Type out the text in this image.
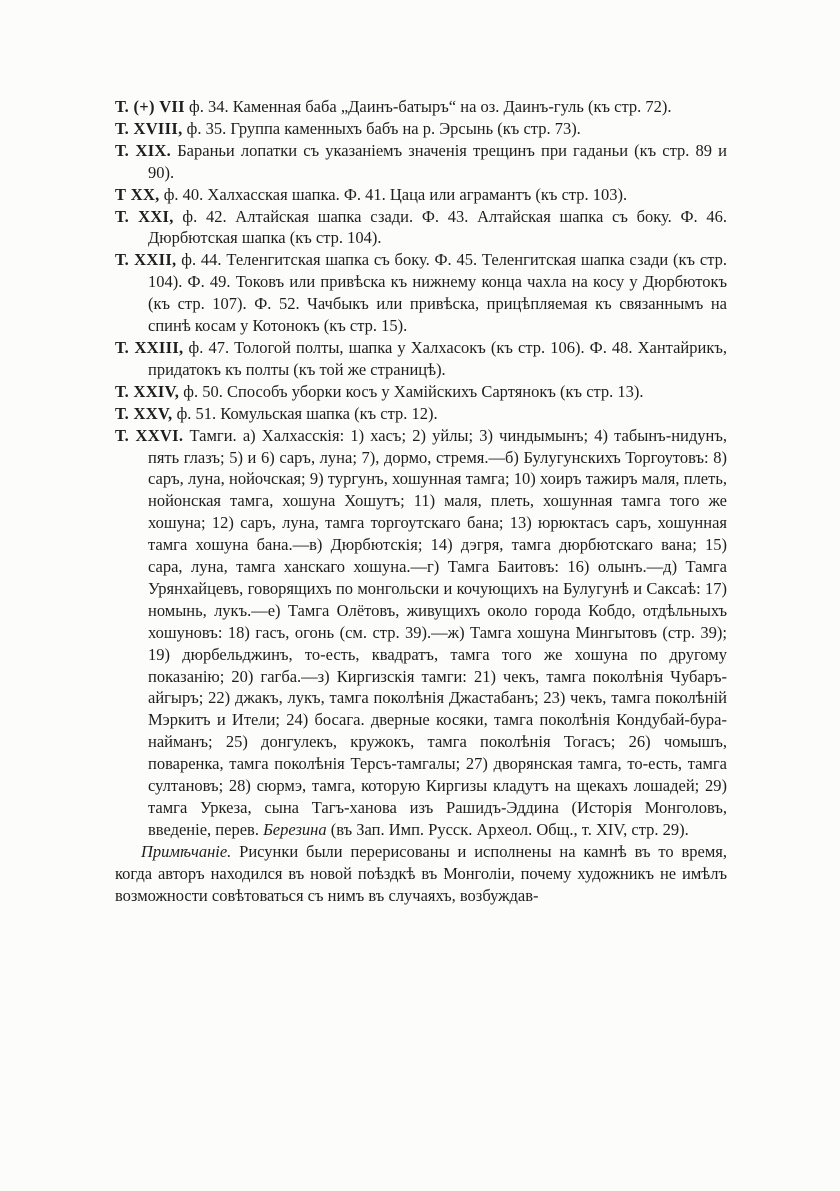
Т. (+) VII ф. 34. Каменная баба „Даинъ-батыръ“ на оз. Даинъ-гуль (къ стр. 72).

Т. XVIII, ф. 35. Группа каменныхъ бабъ на р. Эрсынь (къ стр. 73).

Т. XIX. Бараньи лопатки съ указаніемъ значенія трещинъ при гаданьи (къ стр. 89 и 90).

Т XX, ф. 40. Халхасская шапка. Ф. 41. Цаца или аграмантъ (къ стр. 103).

Т. XXI, ф. 42. Алтайская шапка сзади. Ф. 43. Алтайская шапка съ боку. Ф. 46. Дюрбютская шапка (къ стр. 104).

Т. XXII, ф. 44. Теленгитская шапка съ боку. Ф. 45. Теленгитская шапка сзади (къ стр. 104). Ф. 49. Токовъ или привѣска къ нижнему конца чахла на косу у Дюрбютокъ (къ стр. 107). Ф. 52. Чачбыкъ или привѣска, прицѣпляемая къ связаннымъ на спинѣ косам у Котонокъ (къ стр. 15).

Т. XXIII, ф. 47. Тологой полты, шапка у Халхасокъ (къ стр. 106). Ф. 48. Хантайрикъ, придатокъ къ полты (къ той же страницѣ).

Т. XXIV, ф. 50. Способъ уборки косъ у Хамійскихъ Сартянокъ (къ стр. 13).

Т. XXV, ф. 51. Комульская шапка (къ стр. 12).

Т. XXVI. Тамги. а) Халхасскія: 1) хасъ; 2) уйлы; 3) чиндымынъ; 4) табынъ-нидунъ, пять глазъ; 5) и 6) саръ, луна; 7), дормо, стремя.—б) Булугунскихъ Торгоутовъ: 8) саръ, луна, нойочская; 9) тургунъ, хошунная тамга; 10) хоиръ тажиръ маля, плеть, нойонская тамга, хошуна Хошутъ; 11) маля, плеть, хошунная тамга того же хошуна; 12) саръ, луна, тамга торгоутскаго бана; 13) юрюктасъ саръ, хошунная тамга хошуна бана.—в) Дюрбютскія; 14) дэгря, тамга дюрбютскаго вана; 15) сара, луна, тамга ханскаго хошуна.—г) Тамга Баитовъ: 16) олынъ.—д) Тамга Урянхайцевъ, говорящихъ по монгольски и кочующихъ на Булугунѣ и Саксаѣ: 17) номынь, лукъ.—е) Тамга Олётовъ, живущихъ около города Кобдо, отдѣльныхъ хошуновъ: 18) гасъ, огонь (см. стр. 39).—ж) Тамга хошуна Мингытовъ (стр. 39); 19) дюрбельджинъ, то-есть, квадратъ, тамга того же хошуна по другому показанію; 20) гагба.—з) Киргизскія тамги: 21) чекъ, тамга поколѣнія Чубаръ-айгыръ; 22) джакъ, лукъ, тамга поколѣнія Джастабанъ; 23) чекъ, тамга поколѣній Мэркитъ и Ители; 24) босага. дверные косяки, тамга поколѣнія Кондубай-бура-найманъ; 25) донгулекъ, кружокъ, тамга поколѣнія Тогасъ; 26) чомышъ, поваренка, тамга поколѣнія Терсъ-тамгалы; 27) дворянская тамга, то-есть, тамга султановъ; 28) сюрмэ, тамга, которую Киргизы кладутъ на щекахъ лошадей; 29) тамга Уркеза, сына Тагъ-ханова изъ Рашидъ-Эддина (Исторія Монголовъ, введеніе, перев. Березина (въ Зап. Имп. Русск. Археол. Общ., т. XIV, стр. 29).

Примѣчаніе. Рисунки были перерисованы и исполнены на камнѣ въ то время, когда авторъ находился въ новой поѣздкѣ въ Монголіи, почему художникъ не имѣлъ возможности совѣтоваться съ нимъ въ случаяхъ, возбуждав-
